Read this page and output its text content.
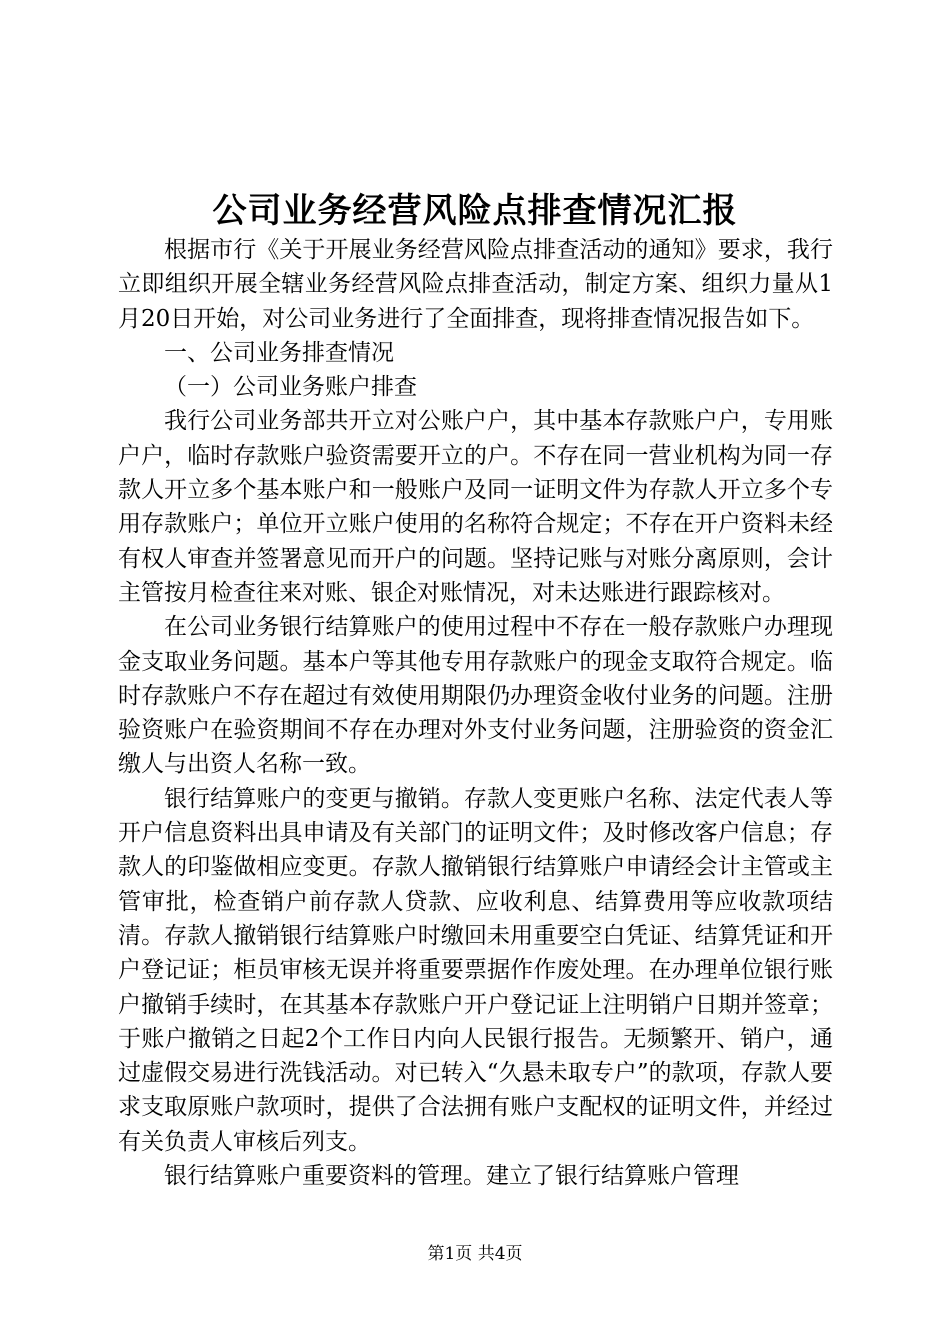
公司业务经营风险点排查情况汇报

根据市行《关于开展业务经营风险点排查活动的通知》要求，我行立即组织开展全辖业务经营风险点排查活动，制定方案、组织力量从1月20日开始，对公司业务进行了全面排查，现将排查情况报告如下。

一、公司业务排查情况

（一）公司业务账户排查

我行公司业务部共开立对公账户户，其中基本存款账户户，专用账户户，临时存款账户验资需要开立的户。不存在同一营业机构为同一存款人开立多个基本账户和一般账户及同一证明文件为存款人开立多个专用存款账户；单位开立账户使用的名称符合规定；不存在开户资料未经有权人审查并签署意见而开户的问题。坚持记账与对账分离原则，会计主管按月检查往来对账、银企对账情况，对未达账进行跟踪核对。

在公司业务银行结算账户的使用过程中不存在一般存款账户办理现金支取业务问题。基本户等其他专用存款账户的现金支取符合规定。临时存款账户不存在超过有效使用期限仍办理资金收付业务的问题。注册验资账户在验资期间不存在办理对外支付业务问题，注册验资的资金汇缴人与出资人名称一致。

银行结算账户的变更与撤销。存款人变更账户名称、法定代表人等开户信息资料出具申请及有关部门的证明文件；及时修改客户信息；存款人的印鉴做相应变更。存款人撤销银行结算账户申请经会计主管或主管审批，检查销户前存款人贷款、应收利息、结算费用等应收款项结清。存款人撤销银行结算账户时缴回未用重要空白凭证、结算凭证和开户登记证；柜员审核无误并将重要票据作作废处理。在办理单位银行账户撤销手续时，在其基本存款账户开户登记证上注明销户日期并签章；于账户撤销之日起2个工作日内向人民银行报告。无频繁开、销户，通过虚假交易进行洗钱活动。对已转入“久悬未取专户”的款项，存款人要求支取原账户款项时，提供了合法拥有账户支配权的证明文件，并经过有关负责人审核后列支。

银行结算账户重要资料的管理。建立了银行结算账户管理

第1页 共4页
